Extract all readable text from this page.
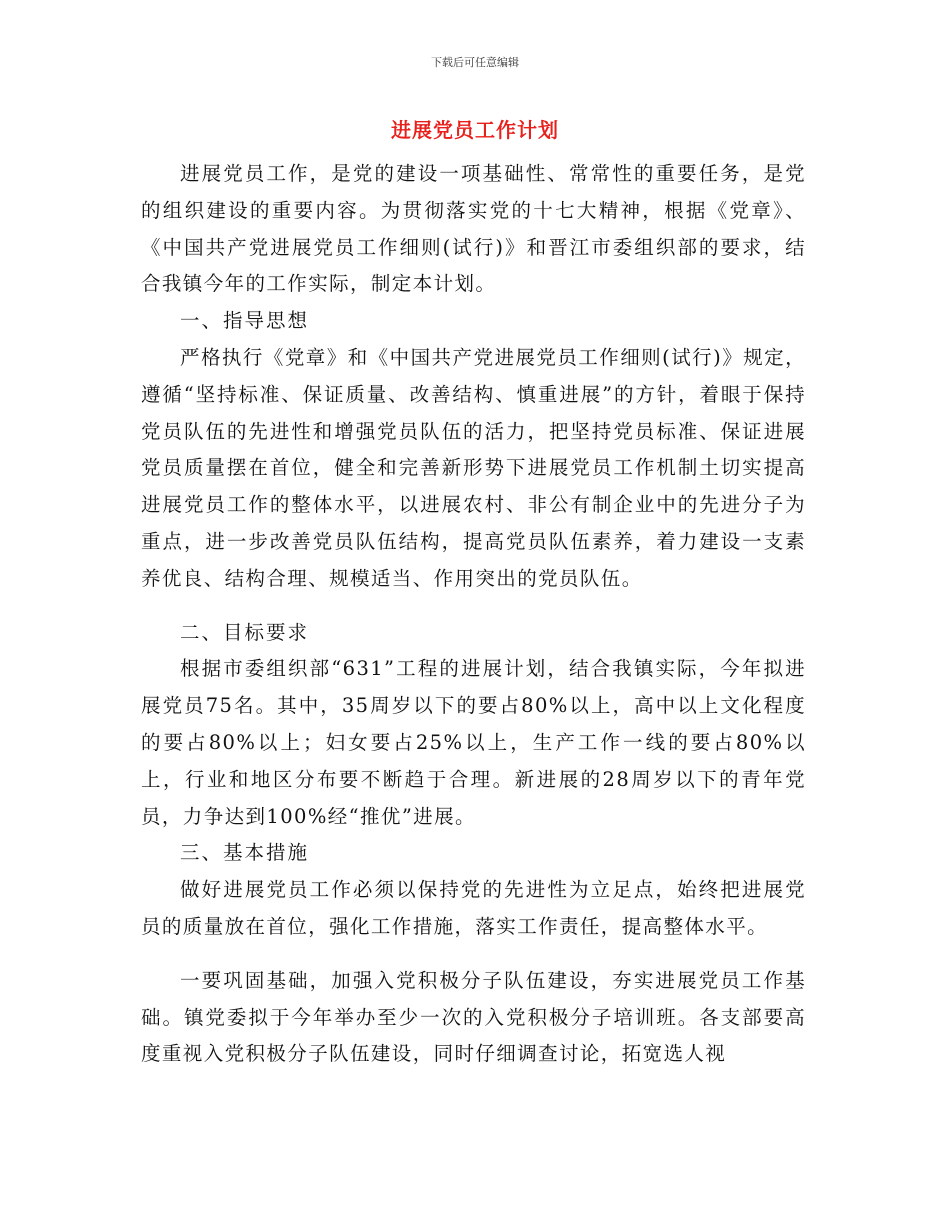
下载后可任意编辑
进展党员工作计划

进展党员工作，是党的建设一项基础性、常常性的重要任务，是党的组织建设的重要内容。为贯彻落实党的十七大精神，根据《党章》、《中国共产党进展党员工作细则(试行)》和晋江市委组织部的要求，结合我镇今年的工作实际，制定本计划。

一、指导思想

严格执行《党章》和《中国共产党进展党员工作细则(试行)》规定，遵循“坚持标准、保证质量、改善结构、慎重进展”的方针，着眼于保持党员队伍的先进性和增强党员队伍的活力，把坚持党员标准、保证进展党员质量摆在首位，健全和完善新形势下进展党员工作机制土切实提高进展党员工作的整体水平，以进展农村、非公有制企业中的先进分子为重点，进一步改善党员队伍结构，提高党员队伍素养，着力建设一支素养优良、结构合理、规模适当、作用突出的党员队伍。

二、目标要求

根据市委组织部“631”工程的进展计划，结合我镇实际，今年拟进展党员75名。其中，35周岁以下的要占80%以上，高中以上文化程度的要占80%以上；妇女要占25%以上，生产工作一线的要占80%以上，行业和地区分布要不断趋于合理。新进展的28周岁以下的青年党员，力争达到100%经“推优”进展。

三、基本措施

做好进展党员工作必须以保持党的先进性为立足点，始终把进展党员的质量放在首位，强化工作措施，落实工作责任，提高整体水平。

一要巩固基础，加强入党积极分子队伍建设，夯实进展党员工作基础。镇党委拟于今年举办至少一次的入党积极分子培训班。各支部要高度重视入党积极分子队伍建设，同时仔细调查讨论，拓宽选人视
